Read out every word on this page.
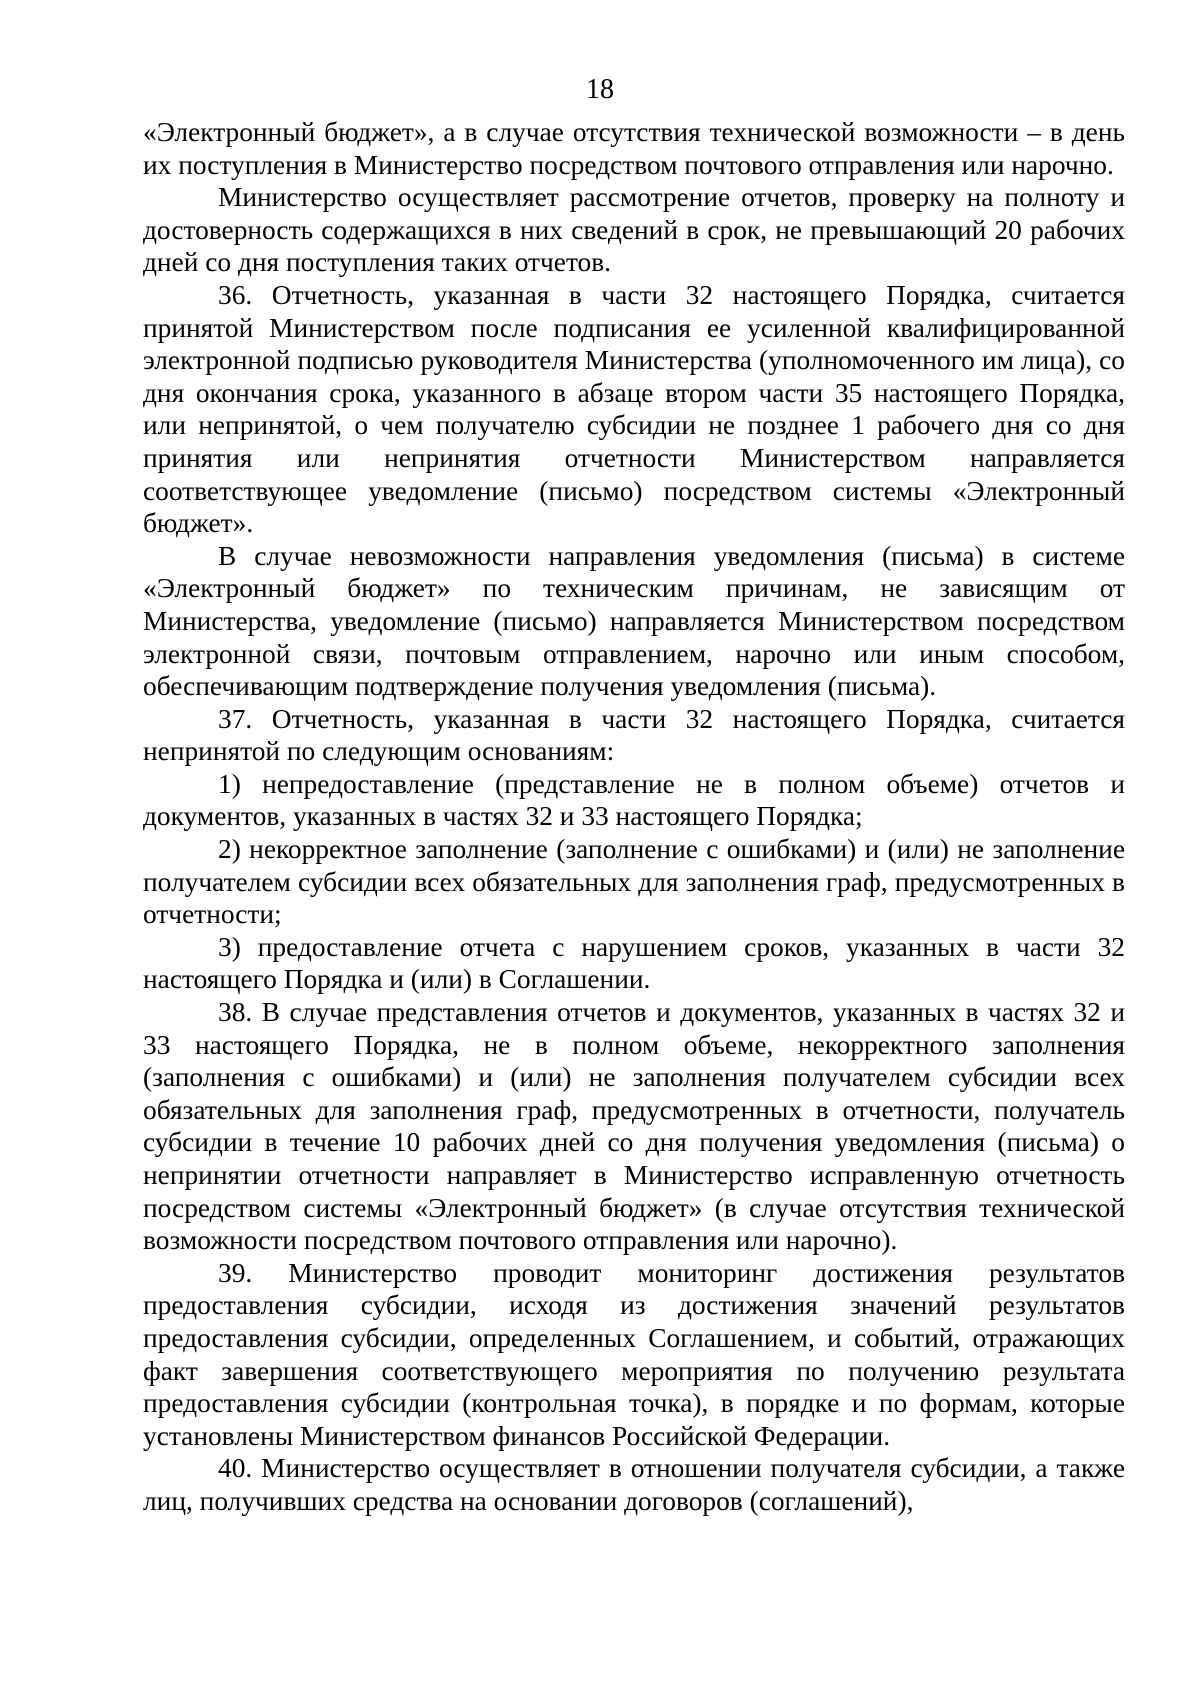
18

«Электронный бюджет», а в случае отсутствия технической возможности – в день их поступления в Министерство посредством почтового отправления или нарочно.

Министерство осуществляет рассмотрение отчетов, проверку на полноту и достоверность содержащихся в них сведений в срок, не превышающий 20 рабочих дней со дня поступления таких отчетов.

36. Отчетность, указанная в части 32 настоящего Порядка, считается принятой Министерством после подписания ее усиленной квалифицированной электронной подписью руководителя Министерства (уполномоченного им лица), со дня окончания срока, указанного в абзаце втором части 35 настоящего Порядка, или непринятой, о чем получателю субсидии не позднее 1 рабочего дня со дня принятия или непринятия отчетности Министерством направляется соответствующее уведомление (письмо) посредством системы «Электронный бюджет».

В случае невозможности направления уведомления (письма) в системе «Электронный бюджет» по техническим причинам, не зависящим от Министерства, уведомление (письмо) направляется Министерством посредством электронной связи, почтовым отправлением, нарочно или иным способом, обеспечивающим подтверждение получения уведомления (письма).

37. Отчетность, указанная в части 32 настоящего Порядка, считается непринятой по следующим основаниям:

1) непредоставление (представление не в полном объеме) отчетов и документов, указанных в частях 32 и 33 настоящего Порядка;

2) некорректное заполнение (заполнение с ошибками) и (или) не заполнение получателем субсидии всех обязательных для заполнения граф, предусмотренных в отчетности;

3) предоставление отчета с нарушением сроков, указанных в части 32 настоящего Порядка и (или) в Соглашении.

38. В случае представления отчетов и документов, указанных в частях 32 и 33 настоящего Порядка, не в полном объеме, некорректного заполнения (заполнения с ошибками) и (или) не заполнения получателем субсидии всех обязательных для заполнения граф, предусмотренных в отчетности, получатель субсидии в течение 10 рабочих дней со дня получения уведомления (письма) о непринятии отчетности направляет в Министерство исправленную отчетность посредством системы «Электронный бюджет» (в случае отсутствия технической возможности посредством почтового отправления или нарочно).

39. Министерство проводит мониторинг достижения результатов предоставления субсидии, исходя из достижения значений результатов предоставления субсидии, определенных Соглашением, и событий, отражающих факт завершения соответствующего мероприятия по получению результата предоставления субсидии (контрольная точка), в порядке и по формам, которые установлены Министерством финансов Российской Федерации.

40. Министерство осуществляет в отношении получателя субсидии, а также лиц, получивших средства на основании договоров (соглашений),
